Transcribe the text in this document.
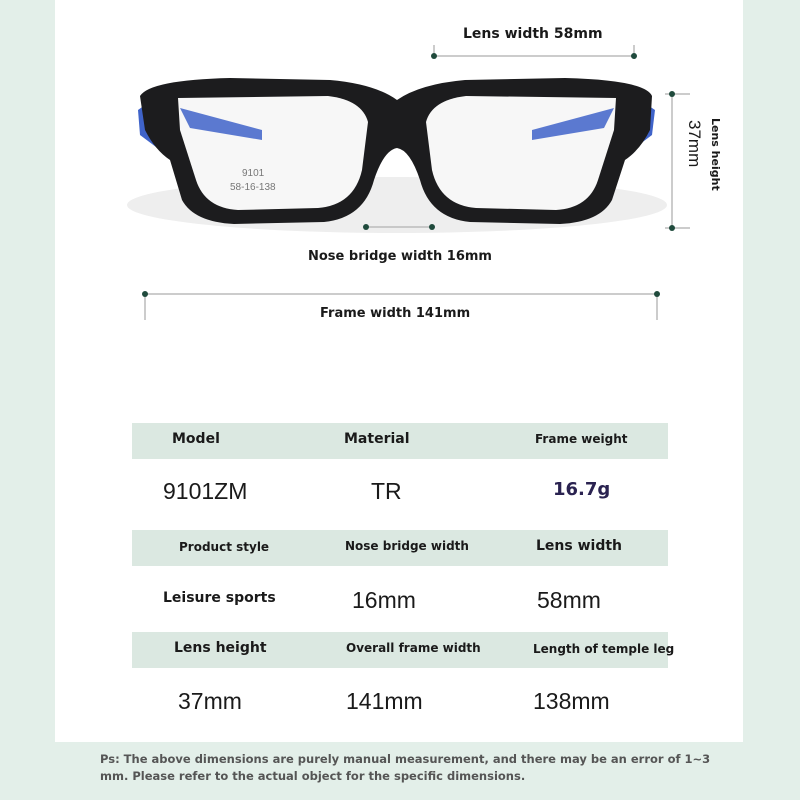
9101
58-16-138
Lens width 58mm
Nose bridge width 16mm
Frame width 141mm
Lens height
37mm
Model	Material	Frame weight
9101ZM	TR	16.7g
Product style	Nose bridge width	Lens width
Leisure sports	16mm	58mm
Lens height	Overall frame width	Length of temple leg
37mm	141mm	138mm
Ps: The above dimensions are purely manual measurement, and there may be an error of 1~3 mm. Please refer to the actual object for the specific dimensions.
